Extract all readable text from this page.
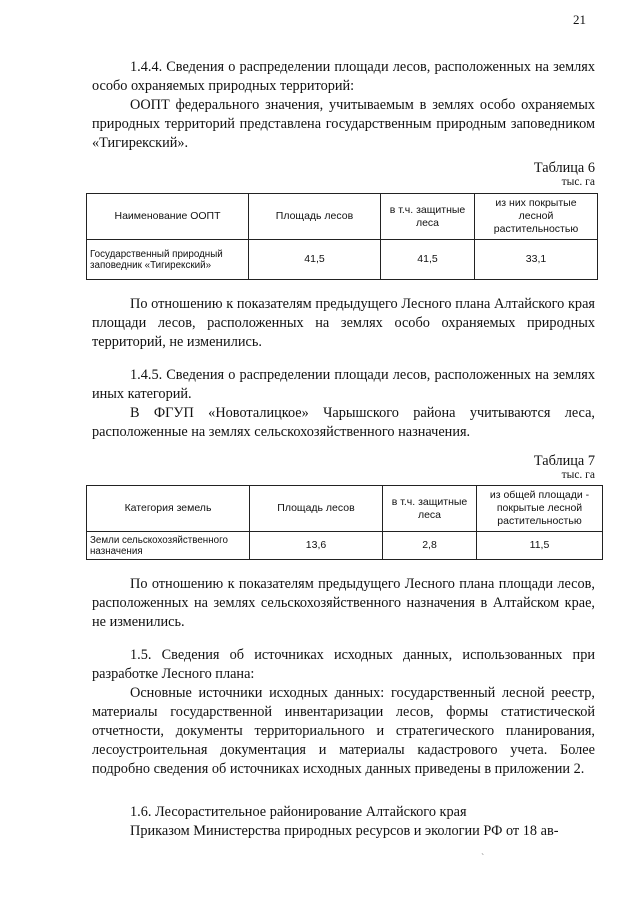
21
1.4.4. Сведения о распределении площади лесов, расположенных на землях особо охраняемых природных территорий:
ООПТ федерального значения, учитываемым в землях особо охраняемых природных территорий представлена государственным природным заповедником «Тигирекский».
Таблица 6
тыс. га
Наименование ООПТ	Площадь лесов	в т.ч. защитные леса	из них покрытые лесной растительностью
Государственный природный заповедник «Тигирекский»	41,5	41,5	33,1
По отношению к показателям предыдущего Лесного плана Алтайского края площади лесов, расположенных на землях особо охраняемых природных территорий, не изменились.
1.4.5. Сведения о распределении площади лесов, расположенных на землях иных категорий.
В ФГУП «Новоталицкое» Чарышского района учитываются леса, расположенные на землях сельскохозяйственного назначения.
Таблица 7
тыс. га
Категория земель	Площадь лесов	в т.ч. защитные леса	из общей площади - покрытые лесной растительностью
Земли сельскохозяйственного назначения	13,6	2,8	11,5
По отношению к показателям предыдущего Лесного плана площади лесов, расположенных на землях сельскохозяйственного назначения в Алтайском крае, не изменились.
1.5. Сведения об источниках исходных данных, использованных при разработке Лесного плана:
Основные источники исходных данных: государственный лесной реестр, материалы государственной инвентаризации лесов, формы статистической отчетности, документы территориального и стратегического планирования, лесоустроительная документация и материалы кадастрового учета. Более подробно сведения об источниках исходных данных приведены в приложении 2.
1.6. Лесорастительное районирование Алтайского края
Приказом Министерства природных ресурсов и экологии РФ от 18 ав-
`
